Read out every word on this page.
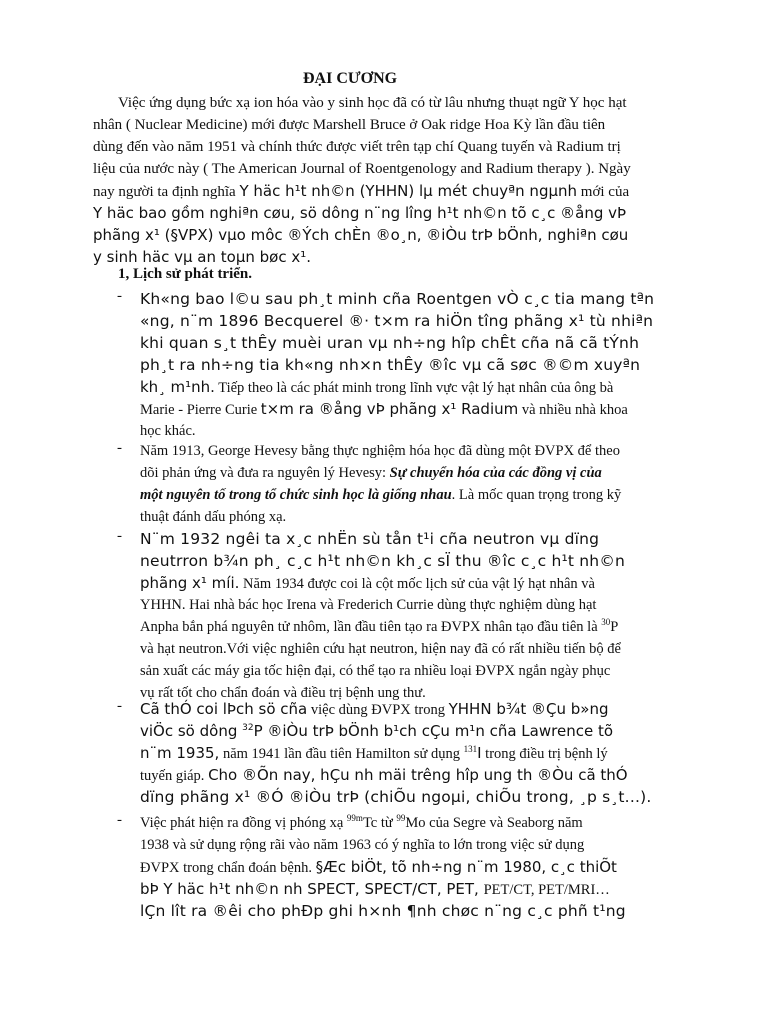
ĐẠI CƯƠNG
Việc ứng dụng bức xạ ion hóa vào y sinh học đã có từ lâu nhưng thuạt ngữ Y học hạt
nhân ( Nuclear Medicine) mới được Marshell Bruce ở Oak ridge Hoa Kỳ lần đầu tiên
dùng đến vào năm 1951 và chính thức được viết trên tạp chí Quang tuyến và Radium trị
liệu của nước này ( The American Journal of Roentgenology and Radium therapy ). Ngày
nay người ta định nghĩa Y häc h¹t nh©n (YHHN) lµ mét chuyªn ngµnh mới của
Y häc bao gồm nghiªn cøu, sö dông n¨ng lîng h¹t nh©n tõ c¸c ®ång vÞ
phãng x¹ (§VPX) vµo môc ®Ých chÈn ®o¸n, ®iÒu trÞ bÖnh, nghiªn cøu
y sinh häc vµ an toµn bøc x¹.
1, Lịch sử phát triển.
- Kh«ng bao l©u sau ph¸t minh cña Roentgen vÒ c¸c tia mang tªn
«ng, n¨m 1896 Becquerel ®· t×m ra hiÖn tîng phãng x¹ tù nhiªn
khi quan s¸t thÊy muèi uran vµ nh÷ng hîp chÊt cña nã cã tÝnh
ph¸t ra nh÷ng tia kh«ng nh×n thÊy ®îc vµ cã søc ®©m xuyªn
kh¸ m¹nh. Tiếp theo là các phát minh trong lĩnh vực vật lý hạt nhân của ông bà
Marie - Pierre Curie t×m ra ®ång vÞ phãng x¹ Radium và nhiều nhà khoa
học khác.
- Năm 1913, George Hevesy bằng thực nghiệm hóa học đã dùng một ĐVPX để theo
dõi phản ứng và đưa ra nguyên lý Hevesy: Sự chuyển hóa của các đồng vị của
một nguyên tố trong tổ chức sinh học là giống nhau. Là mốc quan trọng trong kỹ
thuật đánh dấu phóng xạ.
- N¨m 1932 ngêi ta x¸c nhËn sù tån t¹i cña neutron vµ dïng
neutrron b¾n ph¸ c¸c h¹t nh©n kh¸c sÏ thu ®îc c¸c h¹t nh©n
phãng x¹ míi. Năm 1934 được coi là cột mốc lịch sử của vật lý hạt nhân và
YHHN. Hai nhà bác học Irena và Frederich Currie dùng thực nghiệm dùng hạt
Anpha bắn phá nguyên tử nhôm, lần đầu tiên tạo ra ĐVPX nhân tạo đầu tiên là $^{30}$P
và hạt neutron.Với việc nghiên cứu hạt neutron, hiện nay đã có rất nhiều tiến bộ để
sản xuất các máy gia tốc hiện đại, có thể tạo ra nhiều loại ĐVPX ngắn ngày phục
vụ rất tốt cho chẩn đoán và điều trị bệnh ung thư.
- Cã thÓ coi lÞch sö cña việc dùng ĐVPX trong YHHN b¾t ®Çu b»ng
viÖc sö dông $^{32}$P ®iÒu trÞ bÖnh b¹ch cÇu m¹n cña Lawrence tõ
n¨m 1935, năm 1941 lần đầu tiên Hamilton sử dụng $^{131}$I trong điều trị bệnh lý
tuyến giáp. Cho ®Õn nay, hÇu nh mäi trêng hîp ung th ®Òu cã thÓ
dïng phãng x¹ ®Ó ®iÒu trÞ (chiÕu ngoµi, chiÕu trong, ¸p s¸t...).
- Việc phát hiện ra đồng vị phóng xạ $^{99m}$Tc từ $^{99}$Mo của Segre và Seaborg năm
1938 và sử dụng rộng rãi vào năm 1963 có ý nghĩa to lớn trong việc sử dụng
ĐVPX trong chẩn đoán bệnh. §Æc biÖt, tõ nh÷ng n¨m 1980, c¸c thiÕt
bÞ Y häc h¹t nh©n nh SPECT, SPECT/CT, PET, PET/CT, PET/MRI…
lÇn lît ra ®êi cho phÐp ghi h×nh ¶nh chøc n¨ng c¸c phñ t¹ng
